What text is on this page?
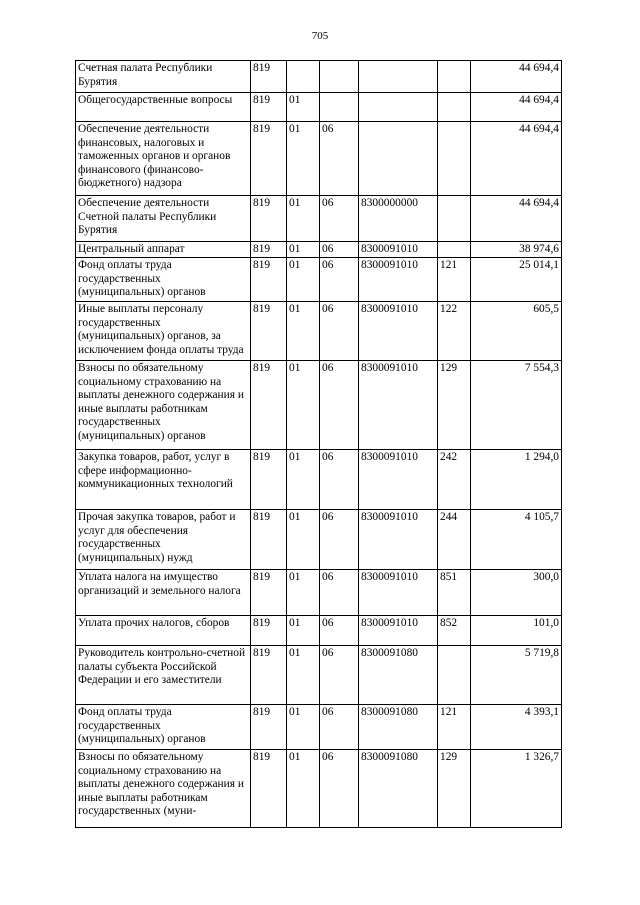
705
Счетная палата Республики Бурятия	819					44 694,4
Общегосударственные вопросы	819	01				44 694,4
Обеспечение деятельности финансовых, налоговых и таможенных органов и органов финансового (финансово-бюджетного) надзора	819	01	06			44 694,4
Обеспечение деятельности Счетной палаты Республики Бурятия	819	01	06	8300000000		44 694,4
Центральный аппарат	819	01	06	8300091010		38 974,6
Фонд оплаты труда государственных (муниципальных) органов	819	01	06	8300091010	121	25 014,1
Иные выплаты персоналу государственных (муниципальных) органов, за исключением фонда оплаты труда	819	01	06	8300091010	122	605,5
Взносы по обязательному социальному страхованию на выплаты денежного содержания и иные выплаты работникам государственных (муниципальных) органов	819	01	06	8300091010	129	7 554,3
Закупка товаров, работ, услуг в сфере информационно-коммуникационных технологий	819	01	06	8300091010	242	1 294,0
Прочая закупка товаров, работ и услуг для обеспечения государственных (муниципальных) нужд	819	01	06	8300091010	244	4 105,7
Уплата налога на имущество организаций и земельного налога	819	01	06	8300091010	851	300,0
Уплата прочих налогов, сборов	819	01	06	8300091010	852	101,0
Руководитель контрольно-счетной палаты субъекта Российской Федерации и его заместители	819	01	06	8300091080		5 719,8
Фонд оплаты труда государственных (муниципальных) органов	819	01	06	8300091080	121	4 393,1
Взносы по обязательному социальному страхованию на выплаты денежного содержания и иные выплаты работникам государственных (муни-	819	01	06	8300091080	129	1 326,7
